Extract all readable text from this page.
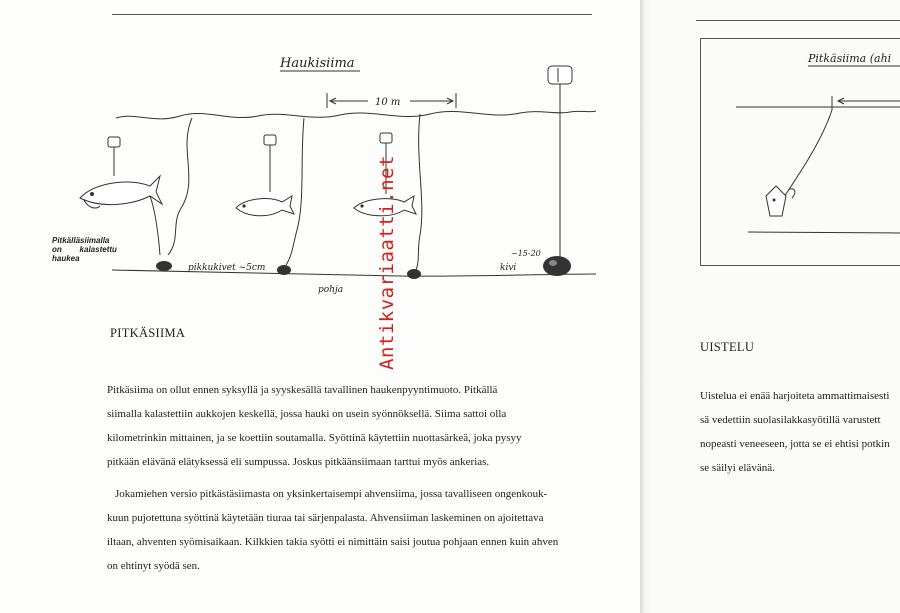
Haukisiima
10 m
pikkukivet ~5cm
~15-20
kivi
pohja
Pitkälläsiimalla
on        kalastettu
haukea
PITKÄSIIMA

Pitkäsiima on ollut ennen syksyllä ja syyskesällä tavallinen haukenpyyntimuoto. Pitkällä

siimalla kalastettiin aukkojen keskellä, jossa hauki on usein syönnöksellä. Siima sattoi olla

kilometrinkin mittainen, ja se koettiin soutamalla. Syöttinä käytettiin nuottasärkeä, joka pysyy

pitkään elävänä elätyksessä eli sumpussa. Joskus pitkäänsiimaan tarttui myös ankerias.

Jokamiehen versio pitkästäsiimasta on yksinkertaisempi ahvensiima, jossa tavalliseen ongenkouk-

kuun pujotettuna syöttinä käytetään tiuraa tai särjenpalasta. Ahvensiiman laskeminen on ajoitettava

iltaan, ahventen syömisaikaan. Kilkkien takia syötti ei nimittäin saisi joutua pohjaan ennen kuin ahven

on ehtinyt syödä sen.

Antikvariaatti.net
Pitkäsiima (ahi
UISTELU

Uistelua ei enää harjoiteta ammattimaisesti

sä vedettiin suolasilakkasyötillä varustett

nopeasti veneeseen, jotta se ei ehtisi potkin

se säilyi elävänä.
